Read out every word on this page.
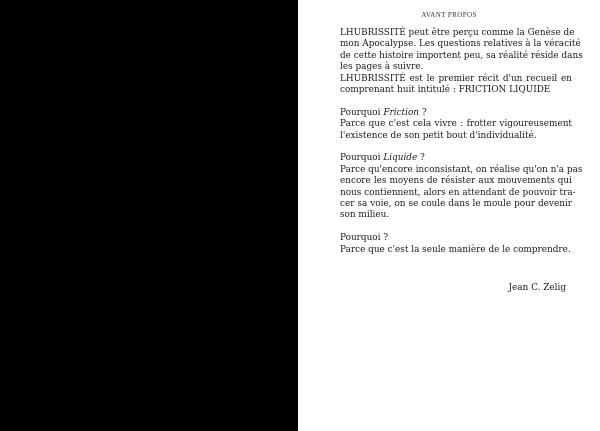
AVANT PROPOS
LHUBRISSITÉ peut être perçu comme la Genèse de
mon Apocalypse. Les questions relatives à la véracité
de cette histoire importent peu, sa réalité réside dans
les pages à suivre.
LHUBRISSITÉ est le premier récit d'un recueil en
comprenant huit intitulé : FRICTION LIQUIDE
Pourquoi Friction ?
Parce que c'est cela vivre : frotter vigoureusement
l'existence de son petit bout d'individualité.
Pourquoi Liquide ?
Parce qu'encore inconsistant, on réalise qu'on n'a pas
encore les moyens de résister aux mouvements qui
nous contiennent, alors en attendant de pouvoir tra-
cer sa voie, on se coule dans le moule pour devenir
son milieu.
Pourquoi ?
Parce que c'est la seule manière de le comprendre.
Jean C. Zelig
